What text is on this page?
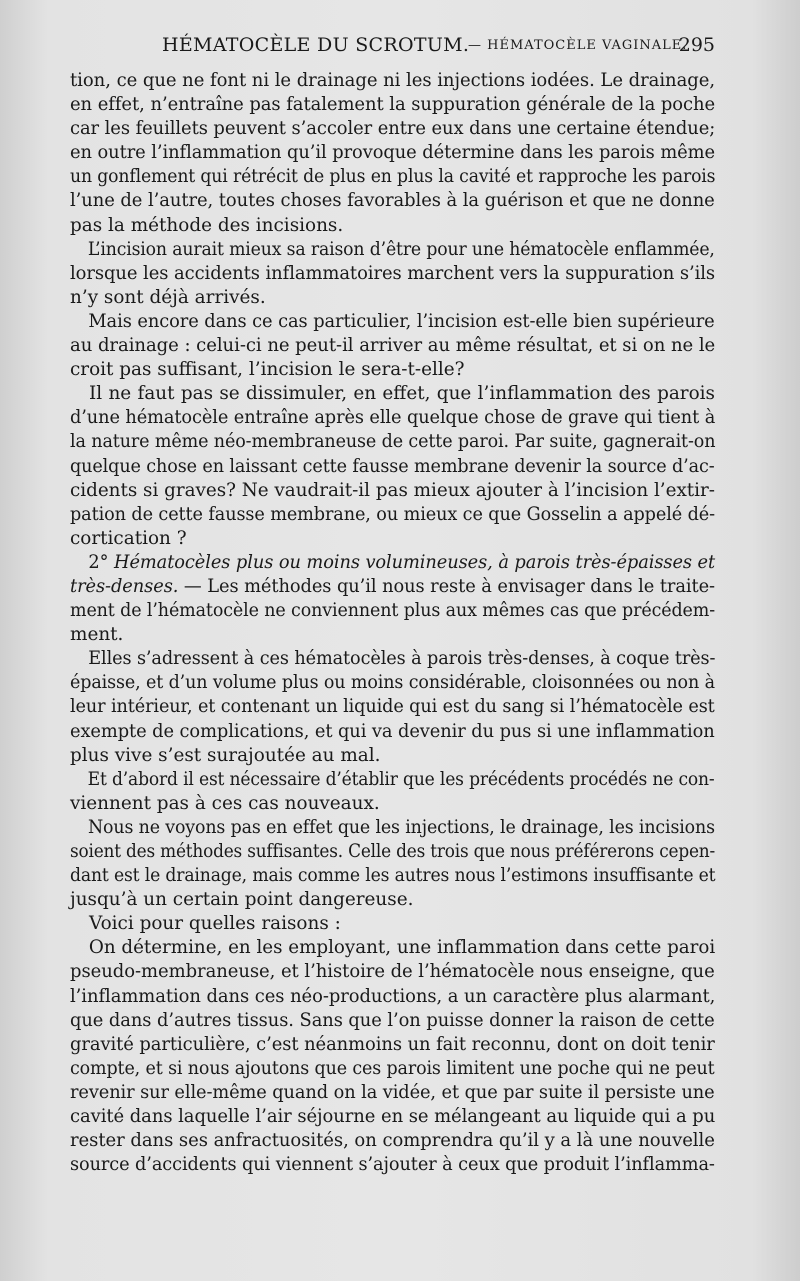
HÉMATOCÈLE DU SCROTUM.
— HÉMATOCÈLE VAGINALE.
295
tion, ce que ne font ni le drainage ni les injections iodées. Le drainage,
en effet, n’entraîne pas fatalement la suppuration générale de la poche
car les feuillets peuvent s’accoler entre eux dans une certaine étendue;
en outre l’inflammation qu’il provoque détermine dans les parois même
un gonflement qui rétrécit de plus en plus la cavité et rapproche les parois
l’une de l’autre, toutes choses favorables à la guérison et que ne donne
pas la méthode des incisions.
L’incision aurait mieux sa raison d’être pour une hématocèle enflammée,
lorsque les accidents inflammatoires marchent vers la suppuration s’ils
n’y sont déjà arrivés.
Mais encore dans ce cas particulier, l’incision est-elle bien supérieure
au drainage : celui-ci ne peut-il arriver au même résultat, et si on ne le
croit pas suffisant, l’incision le sera-t-elle?
Il ne faut pas se dissimuler, en effet, que l’inflammation des parois
d’une hématocèle entraîne après elle quelque chose de grave qui tient à
la nature même néo-membraneuse de cette paroi. Par suite, gagnerait-on
quelque chose en laissant cette fausse membrane devenir la source d’ac-
cidents si graves? Ne vaudrait-il pas mieux ajouter à l’incision l’extir-
pation de cette fausse membrane, ou mieux ce que Gosselin a appelé dé-
cortication ?
2° Hématocèles plus ou moins volumineuses, à parois très-épaisses et
très-denses. — Les méthodes qu’il nous reste à envisager dans le traite-
ment de l’hématocèle ne conviennent plus aux mêmes cas que précédem-
ment.
Elles s’adressent à ces hématocèles à parois très-denses, à coque très-
épaisse, et d’un volume plus ou moins considérable, cloisonnées ou non à
leur intérieur, et contenant un liquide qui est du sang si l’hématocèle est
exempte de complications, et qui va devenir du pus si une inflammation
plus vive s’est surajoutée au mal.
Et d’abord il est nécessaire d’établir que les précédents procédés ne con-
viennent pas à ces cas nouveaux.
Nous ne voyons pas en effet que les injections, le drainage, les incisions
soient des méthodes suffisantes. Celle des trois que nous préférerons cepen-
dant est le drainage, mais comme les autres nous l’estimons insuffisante et
jusqu’à un certain point dangereuse.
Voici pour quelles raisons :
On détermine, en les employant, une inflammation dans cette paroi
pseudo-membraneuse, et l’histoire de l’hématocèle nous enseigne, que
l’inflammation dans ces néo-productions, a un caractère plus alarmant,
que dans d’autres tissus. Sans que l’on puisse donner la raison de cette
gravité particulière, c’est néanmoins un fait reconnu, dont on doit tenir
compte, et si nous ajoutons que ces parois limitent une poche qui ne peut
revenir sur elle-même quand on la vidée, et que par suite il persiste une
cavité dans laquelle l’air séjourne en se mélangeant au liquide qui a pu
rester dans ses anfractuosités, on comprendra qu’il y a là une nouvelle
source d’accidents qui viennent s’ajouter à ceux que produit l’inflamma-
